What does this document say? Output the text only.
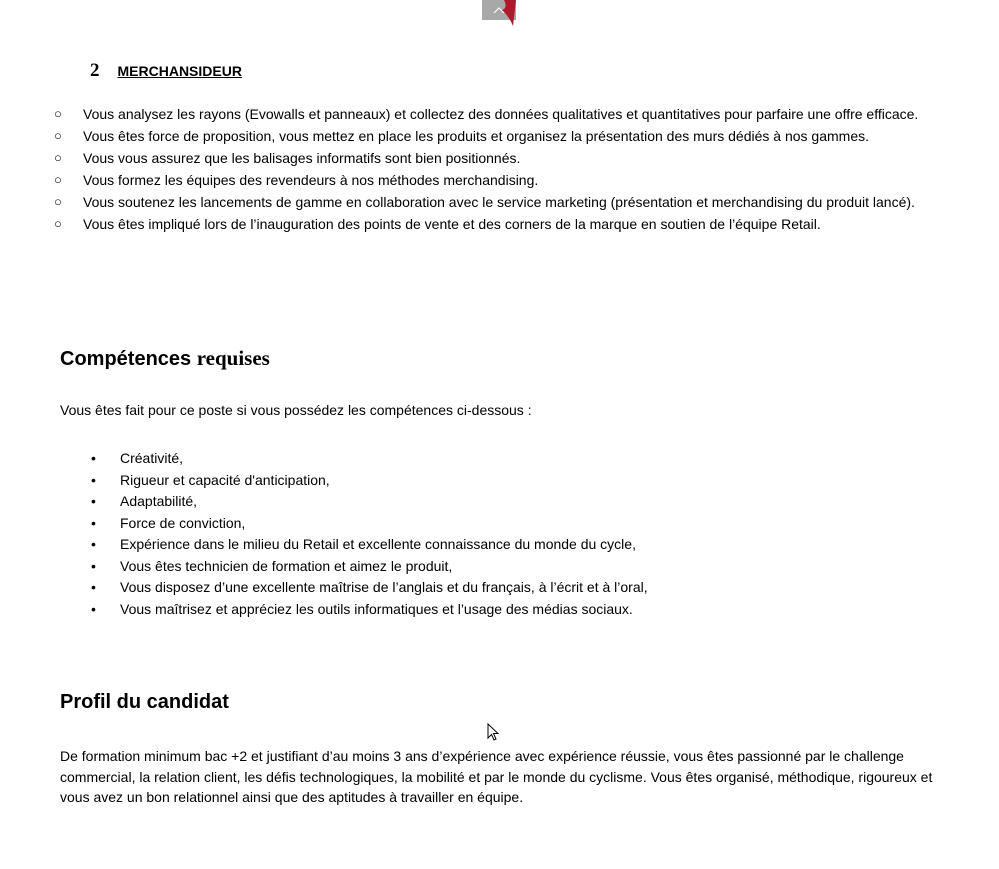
2 MERCHANSIDEUR
○ Vous analysez les rayons (Evowalls et panneaux) et collectez des données qualitatives et quantitatives pour parfaire une offre efficace.
○ Vous êtes force de proposition, vous mettez en place les produits et organisez la présentation des murs dédiés à nos gammes.
○ Vous vous assurez que les balisages informatifs sont bien positionnés.
○ Vous formez les équipes des revendeurs à nos méthodes merchandising.
○ Vous soutenez les lancements de gamme en collaboration avec le service marketing (présentation et merchandising du produit lancé).
○ Vous êtes impliqué lors de l’inauguration des points de vente et des corners de la marque en soutien de l’équipe Retail.
Compétences requises

Vous êtes fait pour ce poste si vous possédez les compétences ci-dessous :

• Créativité,
• Rigueur et capacité d'anticipation,
• Adaptabilité,
• Force de conviction,
• Expérience dans le milieu du Retail et excellente connaissance du monde du cycle,
• Vous êtes technicien de formation et aimez le produit,
• Vous disposez d’une excellente maîtrise de l’anglais et du français, à l’écrit et à l’oral,
• Vous maîtrisez et appréciez les outils informatiques et l’usage des médias sociaux.
Profil du candidat

De formation minimum bac +2 et justifiant d’au moins 3 ans d’expérience avec expérience réussie, vous êtes passionné par le challenge commercial, la relation client, les défis technologiques, la mobilité et par le monde du cyclisme. Vous êtes organisé, méthodique, rigoureux et vous avez un bon relationnel ainsi que des aptitudes à travailler en équipe.
